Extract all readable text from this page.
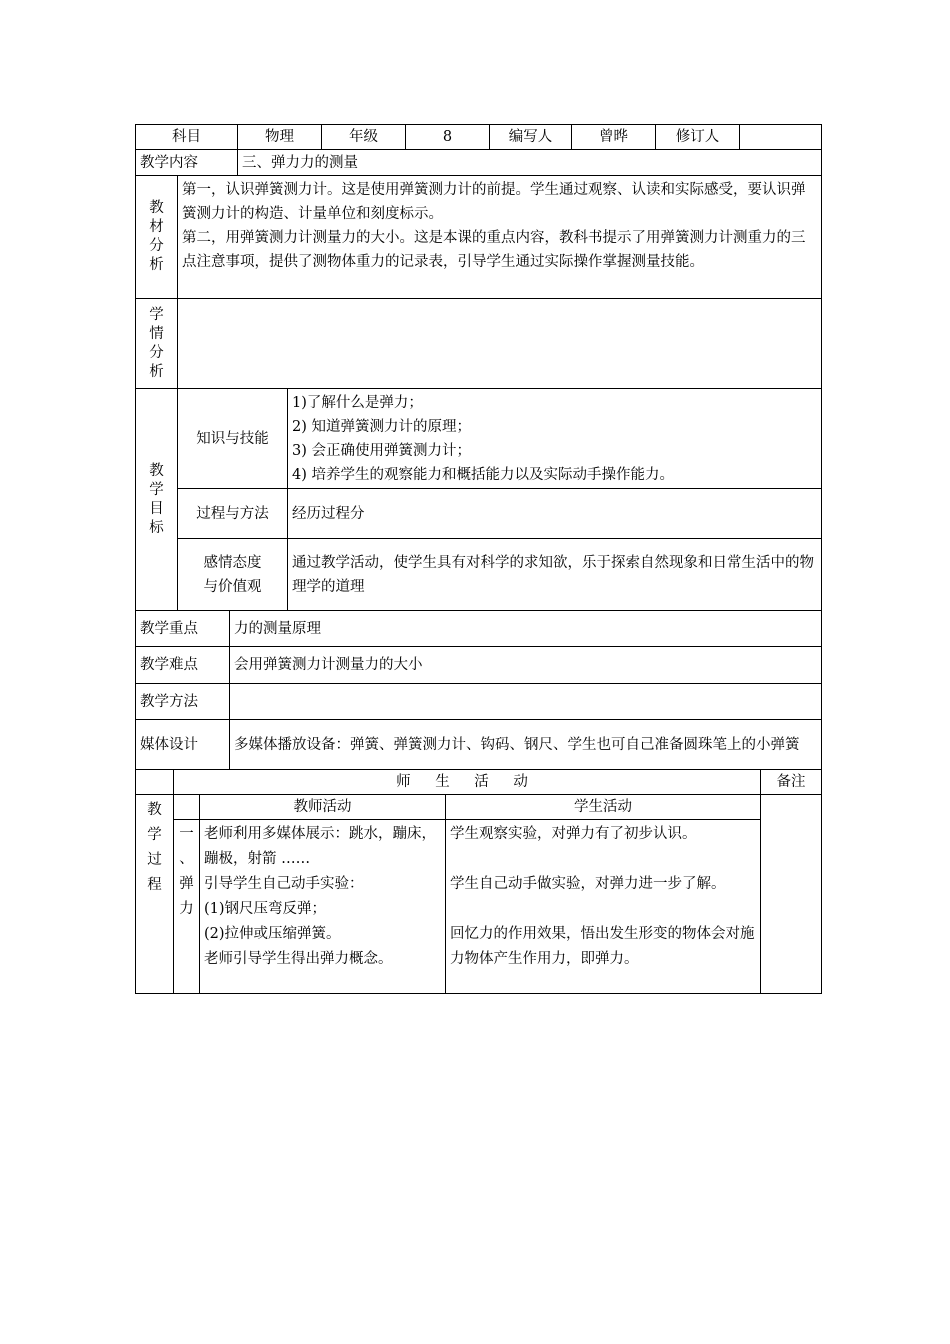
科目	物理	年级	8	编写人	曾晔	修订人	
教学内容		三、弹力力的测量

教
材
分
析	第一，认识弹簧测力计。这是使用弹簧测力计的前提。学生通过观察、认读和实际感受，要认识弹簧测力计的构造、计量单位和刻度标示。
第二，用弹簧测力计测量力的大小。这是本课的重点内容，教科书提示了用弹簧测力计测重力的三点注意事项，提供了测物体重力的记录表，引导学生通过实际操作掌握测量技能。	

学
情
分
析		

教
学
目
标	知识与技能	1)了解什么是弹力；
2) 知道弹簧测力计的原理；
3) 会正确使用弹簧测力计；
4) 培养学生的观察能力和概括能力以及实际动手操作能力。

	过程与方法	经历过程分

	感情态度
与价值观	通过教学活动，使学生具有对科学的求知欲，乐于探索自然现象和日常生活中的物理学的道理
教学重点	力的测量原理
教学难点	会用弹簧测力计测量力的大小
教学方法	
媒体设计	多媒体播放设备：弹簧、弹簧测力计、钩码、钢尺、学生也可自己准备圆珠笔上的小弹簧
	师 生 活 动			备注

教
学
过
程		教师活动	学生活动	

	一
、
弹
力	老师利用多媒体展示：跳水，蹦床，蹦极，射箭 ……
引导学生自己动手实验：
(1)钢尺压弯反弹；
(2)拉伸或压缩弹簧。
老师引导学生得出弹力概念。	学生观察实验，对弹力有了初步认识。
学生自己动手做实验，对弹力进一步了解。
回忆力的作用效果，悟出发生形变的物体会对施力物体产生作用力，即弹力。	
